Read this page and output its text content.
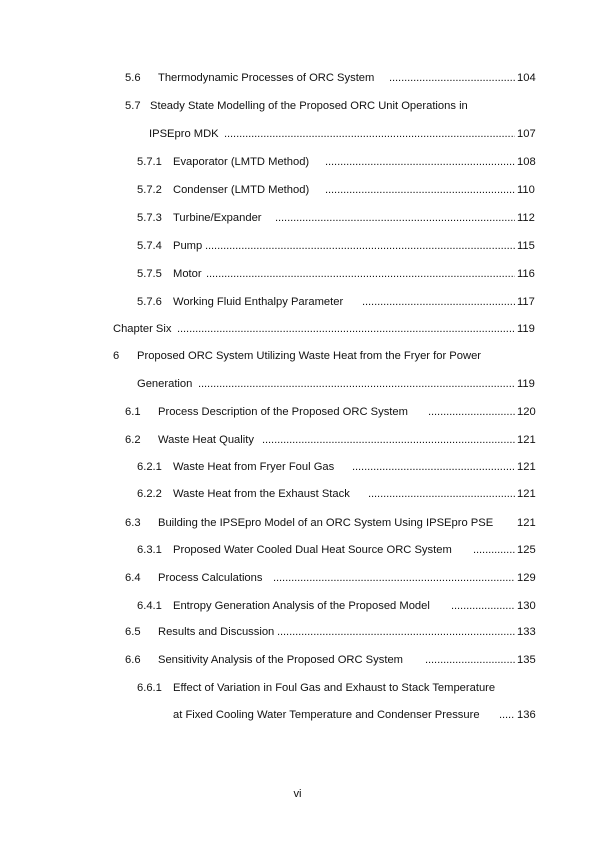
5.6 Thermodynamic Processes of ORC System . . .	104
5.7 Steady State Modelling of the Proposed ORC Unit Operations in
IPSEpro MDK . . .	107
5.7.1 Evaporator (LMTD Method) . . .	108
5.7.2 Condenser (LMTD Method) . . .	110
5.7.3 Turbine/Expander . . .	112
5.7.4 Pump . . .	115
5.7.5 Motor . . .	116
5.7.6 Working Fluid Enthalpy Parameter . . .	117
Chapter Six . . .	119
6 Proposed ORC System Utilizing Waste Heat from the Fryer for Power
Generation . . .	119
6.1 Process Description of the Proposed ORC System . . .	120
6.2 Waste Heat Quality . . .	121
6.2.1 Waste Heat from Fryer Foul Gas . . .	121
6.2.2 Waste Heat from the Exhaust Stack . . .	121
6.3 Building the IPSEpro Model of an ORC System Using IPSEpro PSE 121
6.3.1 Proposed Water Cooled Dual Heat Source ORC System . . .	125
6.4 Process Calculations . . .	129
6.4.1 Entropy Generation Analysis of the Proposed Model . . .	130
6.5 Results and Discussion . . .	133
6.6 Sensitivity Analysis of the Proposed ORC System . . .	135
6.6.1 Effect of Variation in Foul Gas and Exhaust to Stack Temperature
at Fixed Cooling Water Temperature and Condenser Pressure . . .	136
vi
